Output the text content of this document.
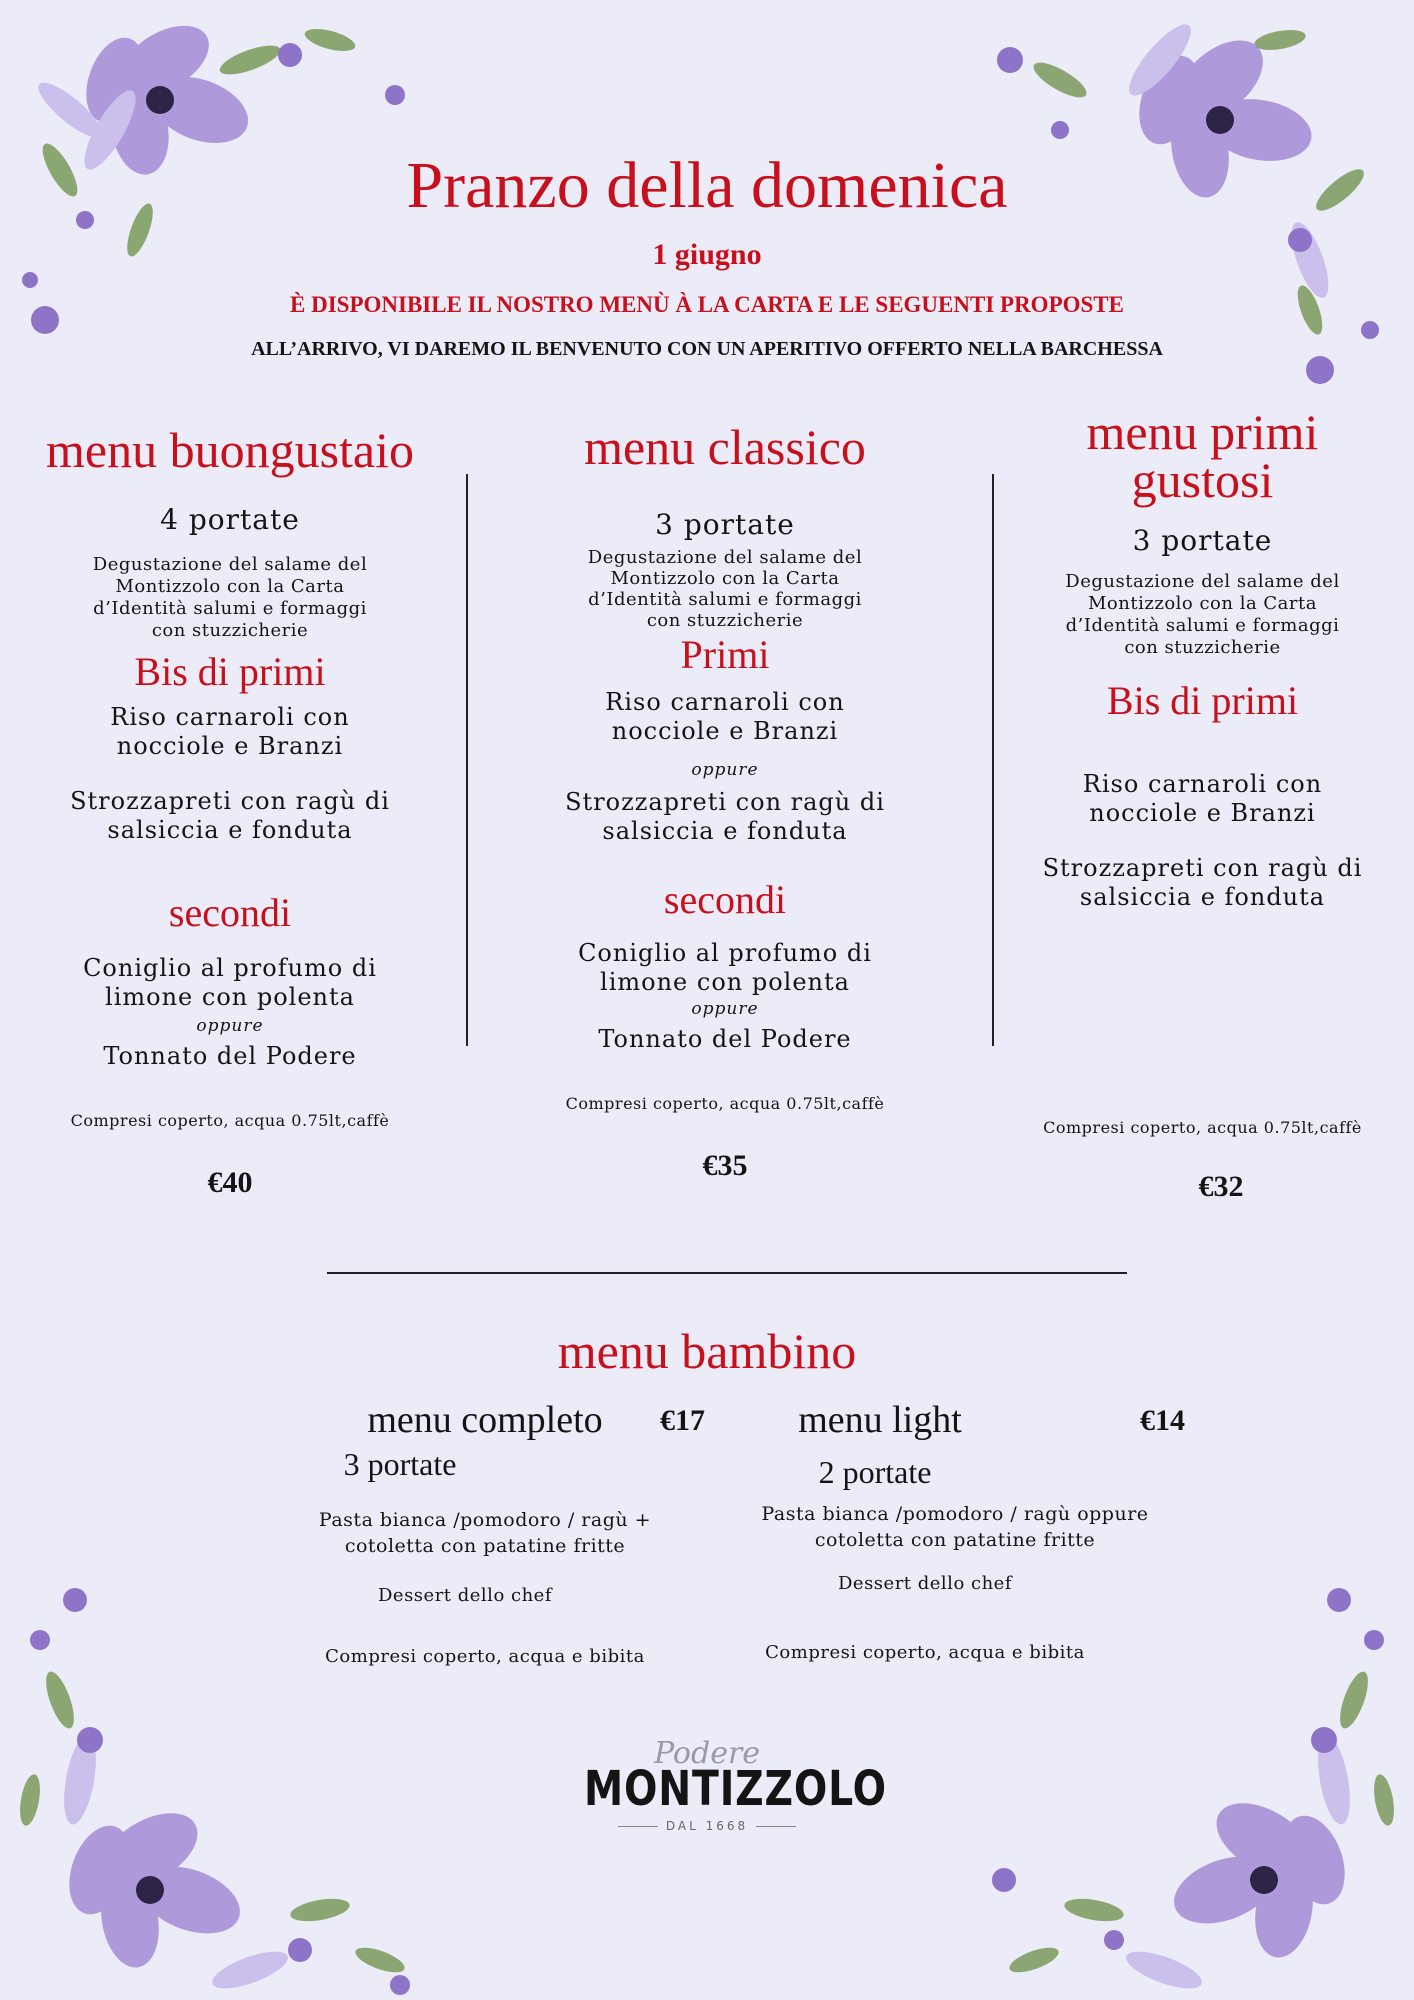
Pranzo della domenica
1 giugno
È DISPONIBILE IL NOSTRO MENÙ À LA CARTA E LE SEGUENTI PROPOSTE
ALL’ARRIVO, VI DAREMO IL BENVENUTO CON UN APERITIVO OFFERTO NELLA BARCHESSA
menu buongustaio
4 portate
Degustazione del salame del Montizzolo con la Carta d’Identità salumi e formaggi con stuzzicherie
Bis di primi
Riso carnaroli con nocciole e Branzi
Strozzapreti con ragù di salsiccia e fonduta
secondi
Coniglio al profumo di limone con polenta
oppure
Tonnato del Podere
Compresi coperto, acqua 0.75lt,caffè
€40
menu classico
3 portate
Degustazione del salame del Montizzolo con la Carta d’Identità salumi e formaggi con stuzzicherie
Primi
Riso carnaroli con nocciole e Branzi
oppure
Strozzapreti con ragù di salsiccia e fonduta
secondi
Coniglio al profumo di limone con polenta
oppure
Tonnato del Podere
Compresi coperto, acqua 0.75lt,caffè
€35
menu primi gustosi
3 portate
Degustazione del salame del Montizzolo con la Carta d’Identità salumi e formaggi con stuzzicherie
Bis di primi
Riso carnaroli con nocciole e Branzi
Strozzapreti con ragù di salsiccia e fonduta
Compresi coperto, acqua 0.75lt,caffè
€32
menu bambino
menu completo
3 portate
Pasta bianca /pomodoro / ragù + cotoletta con patatine fritte
Dessert dello chef
Compresi coperto, acqua e bibita
€17	menu light
2 portate
Pasta bianca /pomodoro / ragù oppure cotoletta con patatine fritte
Dessert dello chef
Compresi coperto, acqua e bibita
€14
Podere
MONTIZZOLO
DAL 1668
